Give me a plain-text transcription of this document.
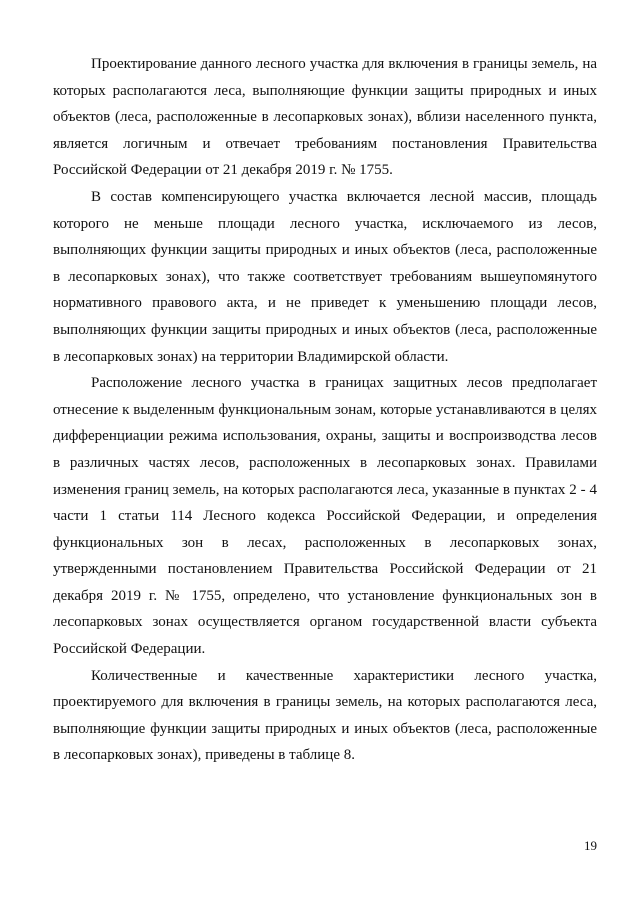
Проектирование данного лесного участка для включения в границы земель, на которых располагаются леса, выполняющие функции защиты природных и иных объектов (леса, расположенные в лесопарковых зонах), вблизи населенного пункта, является логичным и отвечает требованиям постановления Правительства Российской Федерации от 21 декабря 2019 г. № 1755.

В состав компенсирующего участка включается лесной массив, площадь которого не меньше площади лесного участка, исключаемого из лесов, выполняющих функции защиты природных и иных объектов (леса, расположенные в лесопарковых зонах), что также соответствует требованиям вышеупомянутого нормативного правового акта, и не приведет к уменьшению площади лесов, выполняющих функции защиты природных и иных объектов (леса, расположенные в лесопарковых зонах) на территории Владимирской области.

Расположение лесного участка в границах защитных лесов предполагает отнесение к выделенным функциональным зонам, которые устанавливаются в целях дифференциации режима использования, охраны, защиты и воспроизводства лесов в различных частях лесов, расположенных в лесопарковых зонах. Правилами изменения границ земель, на которых располагаются леса, указанные в пунктах 2 - 4 части 1 статьи 114 Лесного кодекса Российской Федерации, и определения функциональных зон в лесах, расположенных в лесопарковых зонах, утвержденными постановлением Правительства Российской Федерации от 21 декабря 2019 г. № 1755, определено, что установление функциональных зон в лесопарковых зонах осуществляется органом государственной власти субъекта Российской Федерации.

Количественные и качественные характеристики лесного участка, проектируемого для включения в границы земель, на которых располагаются леса, выполняющие функции защиты природных и иных объектов (леса, расположенные в лесопарковых зонах), приведены в таблице 8.

19
